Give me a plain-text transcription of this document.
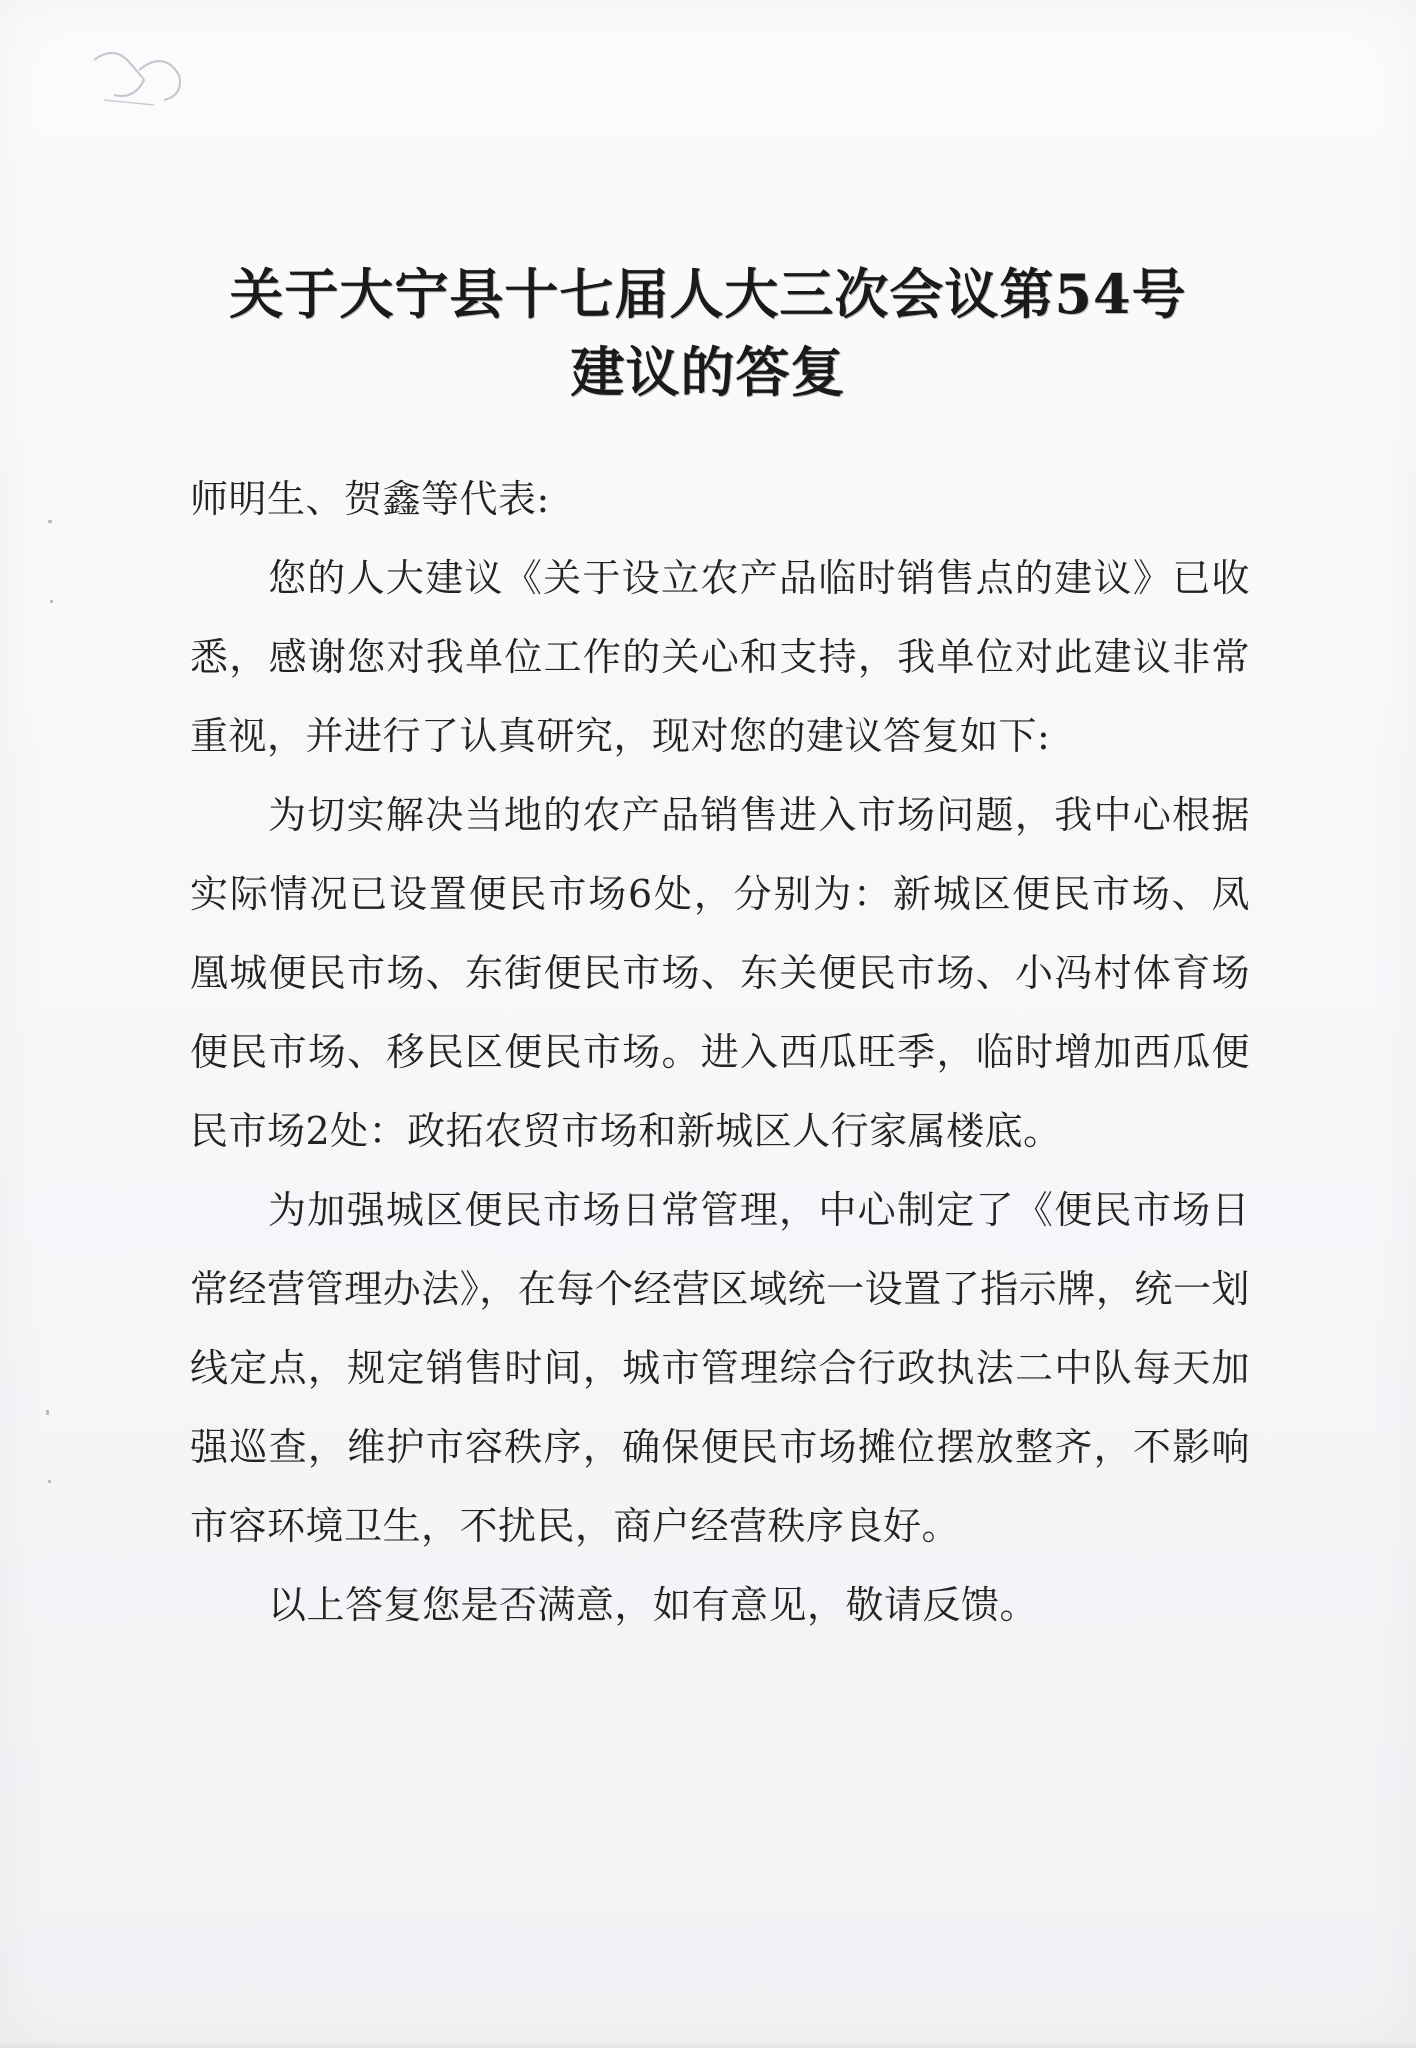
关于大宁县十七届人大三次会议第54号
建议的答复

师明生、贺鑫等代表:

您的人大建议《关于设立农产品临时销售点的建议》已收悉，感谢您对我单位工作的关心和支持，我单位对此建议非常重视，并进行了认真研究，现对您的建议答复如下:

为切实解决当地的农产品销售进入市场问题，我中心根据实际情况已设置便民市场6处，分别为：新城区便民市场、凤凰城便民市场、东街便民市场、东关便民市场、小冯村体育场便民市场、移民区便民市场。进入西瓜旺季，临时增加西瓜便民市场2处：政拓农贸市场和新城区人行家属楼底。

为加强城区便民市场日常管理，中心制定了《便民市场日常经营管理办法》，在每个经营区域统一设置了指示牌，统一划线定点，规定销售时间，城市管理综合行政执法二中队每天加强巡查，维护市容秩序，确保便民市场摊位摆放整齐，不影响市容环境卫生，不扰民，商户经营秩序良好。

以上答复您是否满意，如有意见，敬请反馈。
